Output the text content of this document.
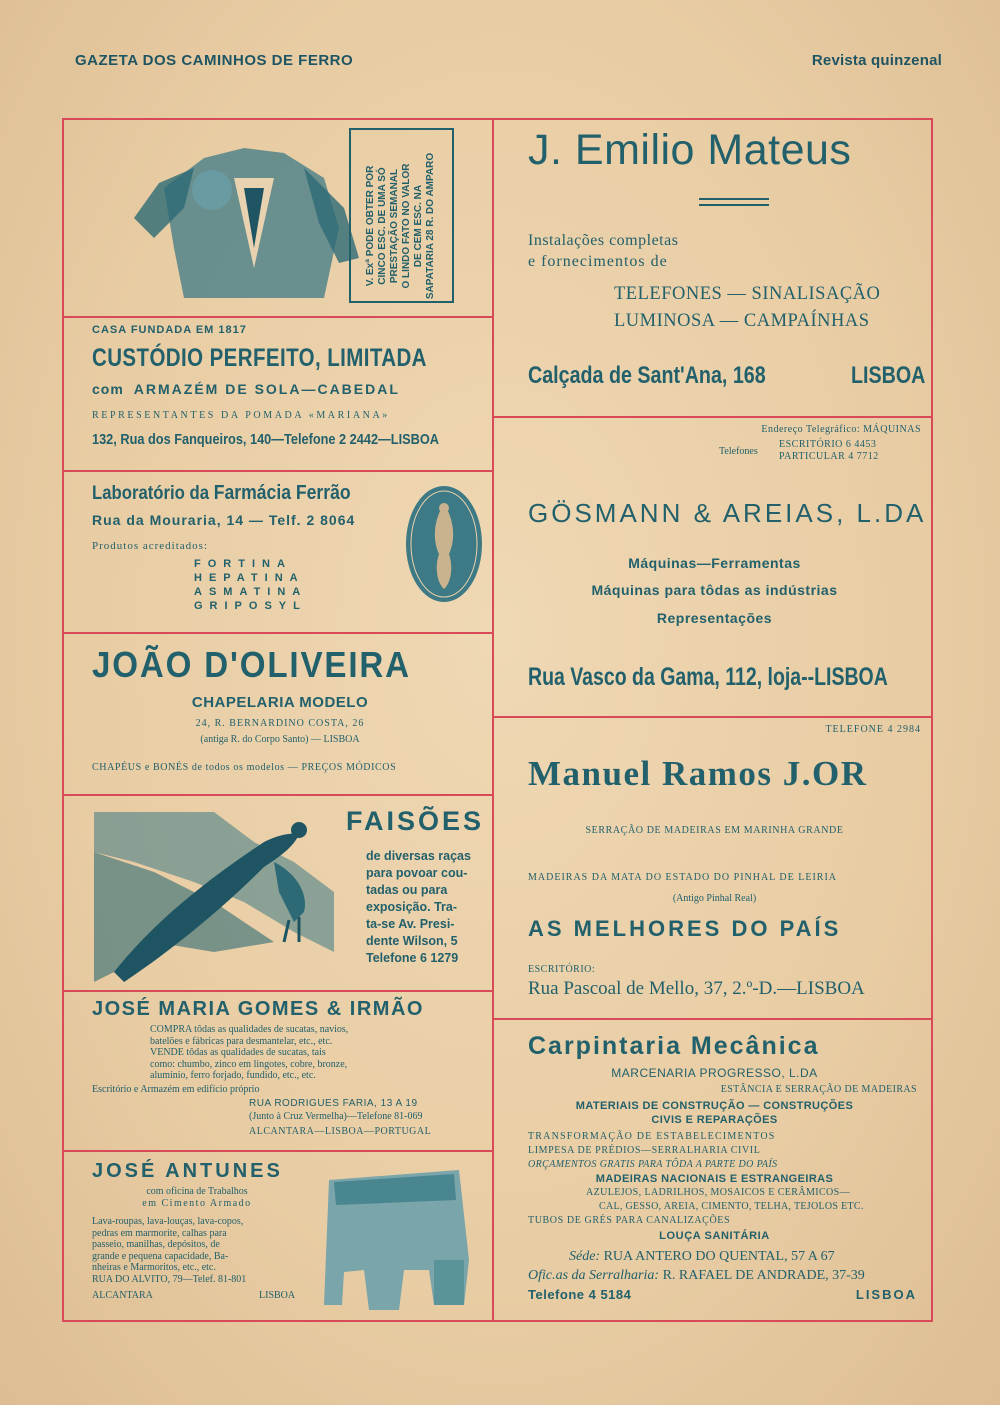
GAZETA DOS CAMINHOS DE FERRO	Revista quinzenal
V. Exª PODE OBTER POR CINCO ESC. DE UMA SÓ PRESTAÇÃO SEMANAL O LINDO FATO NO VALOR DE CEM ESC. NA SAPATARIA 28 R. DO AMPARO
CASA FUNDADA EM 1817
CUSTÓDIO PERFEITO, LIMITADA
com ARMAZÉM DE SOLA—CABEDAL
REPRESENTANTES DA POMADA «MARIANA»
132, Rua dos Fanqueiros, 140—Telefone 2 2442—LISBOA
Laboratório da Farmácia Ferrão
Rua da Mouraria, 14 — Telf. 2 8064
Produtos acreditados:
FORTINA
HEPATINA
ASMATINA
GRIPOSYL
JOÃO D'OLIVEIRA
CHAPELARIA MODELO
24, R. BERNARDINO COSTA, 26
(antiga R. do Corpo Santo) — LISBOA
CHAPÉUS e BONÉS de todos os modelos — PREÇOS MÓDICOS
FAISÕES
de diversas raças
para povoar cou-
tadas ou para
exposição. Tra-
ta-se Av. Presi-
dente Wilson, 5
Telefone 6 1279
JOSÉ MARIA GOMES & IRMÃO
COMPRA tôdas as qualidades de sucatas, navios,
batelões e fábricas para desmantelar, etc., etc.
VENDE tôdas as qualidades de sucatas, tais
como: chumbo, zinco em lingotes, cobre, bronze,
alumínio, ferro forjado, fundido, etc., etc.
Escritório e Armazém em edifício próprio
RUA RODRIGUES FARIA, 13 A 19
(Junto à Cruz Vermelha)—Telefone 81-069
ALCANTARA—LISBOA—PORTUGAL
JOSÉ ANTUNES
com oficina de Trabalhos
em Cimento Armado
Lava-roupas, lava-louças, lava-copos,
pedras em marmorite, calhas para
passeio, manilhas, depósitos, de
grande e pequena capacidade, Ba-
nheiras e Marmoritos, etc., etc.
RUA DO ALVITO, 79—Telef. 81-801
ALCANTARA	LISBOA
J. Emilio Mateus
Instalações completas
e fornecimentos de
TELEFONES — SINALISAÇÃO
LUMINOSA — CAMPAÍNHAS
Calçada de Sant'Ana, 168	LISBOA
Endereço Telegráfico: MÁQUINAS
Telefones
ESCRITÓRIO 6 4453
PARTICULAR 4 7712
GÖSMANN & AREIAS, L.DA
Máquinas—Ferramentas
Máquinas para tôdas as indústrias
Representações
Rua Vasco da Gama, 112, loja--LISBOA
TELEFONE 4 2984
Manuel Ramos J.OR
SERRAÇÃO DE MADEIRAS EM MARINHA GRANDE
MADEIRAS DA MATA DO ESTADO DO PINHAL DE LEIRIA
(Antigo Pinhal Real)
AS MELHORES DO PAÍS
ESCRITÓRIO:
Rua Pascoal de Mello, 37, 2.º-D.—LISBOA
Carpintaria Mecânica
MARCENARIA PROGRESSO, L.DA
ESTÂNCIA E SERRAÇÃO DE MADEIRAS
MATERIAIS DE CONSTRUÇÃO — CONSTRUÇÕES
CIVIS E REPARAÇÕES
TRANSFORMAÇÃO DE ESTABELECIMENTOS
LIMPESA DE PRÉDIOS—SERRALHARIA CIVIL
ORÇAMENTOS GRATIS PARA TÔDA A PARTE DO PAÍS
MADEIRAS NACIONAIS E ESTRANGEIRAS
AZULEJOS, LADRILHOS, MOSAICOS E CERÂMICOS—
CAL, GESSO, AREIA, CIMENTO, TELHA, TEJOLOS ETC.
TUBOS DE GRÉS PARA CANALIZAÇÕES
LOUÇA SANITÁRIA
Séde: RUA ANTERO DO QUENTAL, 57 A 67
Ofic.as da Serralharia: R. RAFAEL DE ANDRADE, 37-39
Telefone 4 5184	LISBOA
